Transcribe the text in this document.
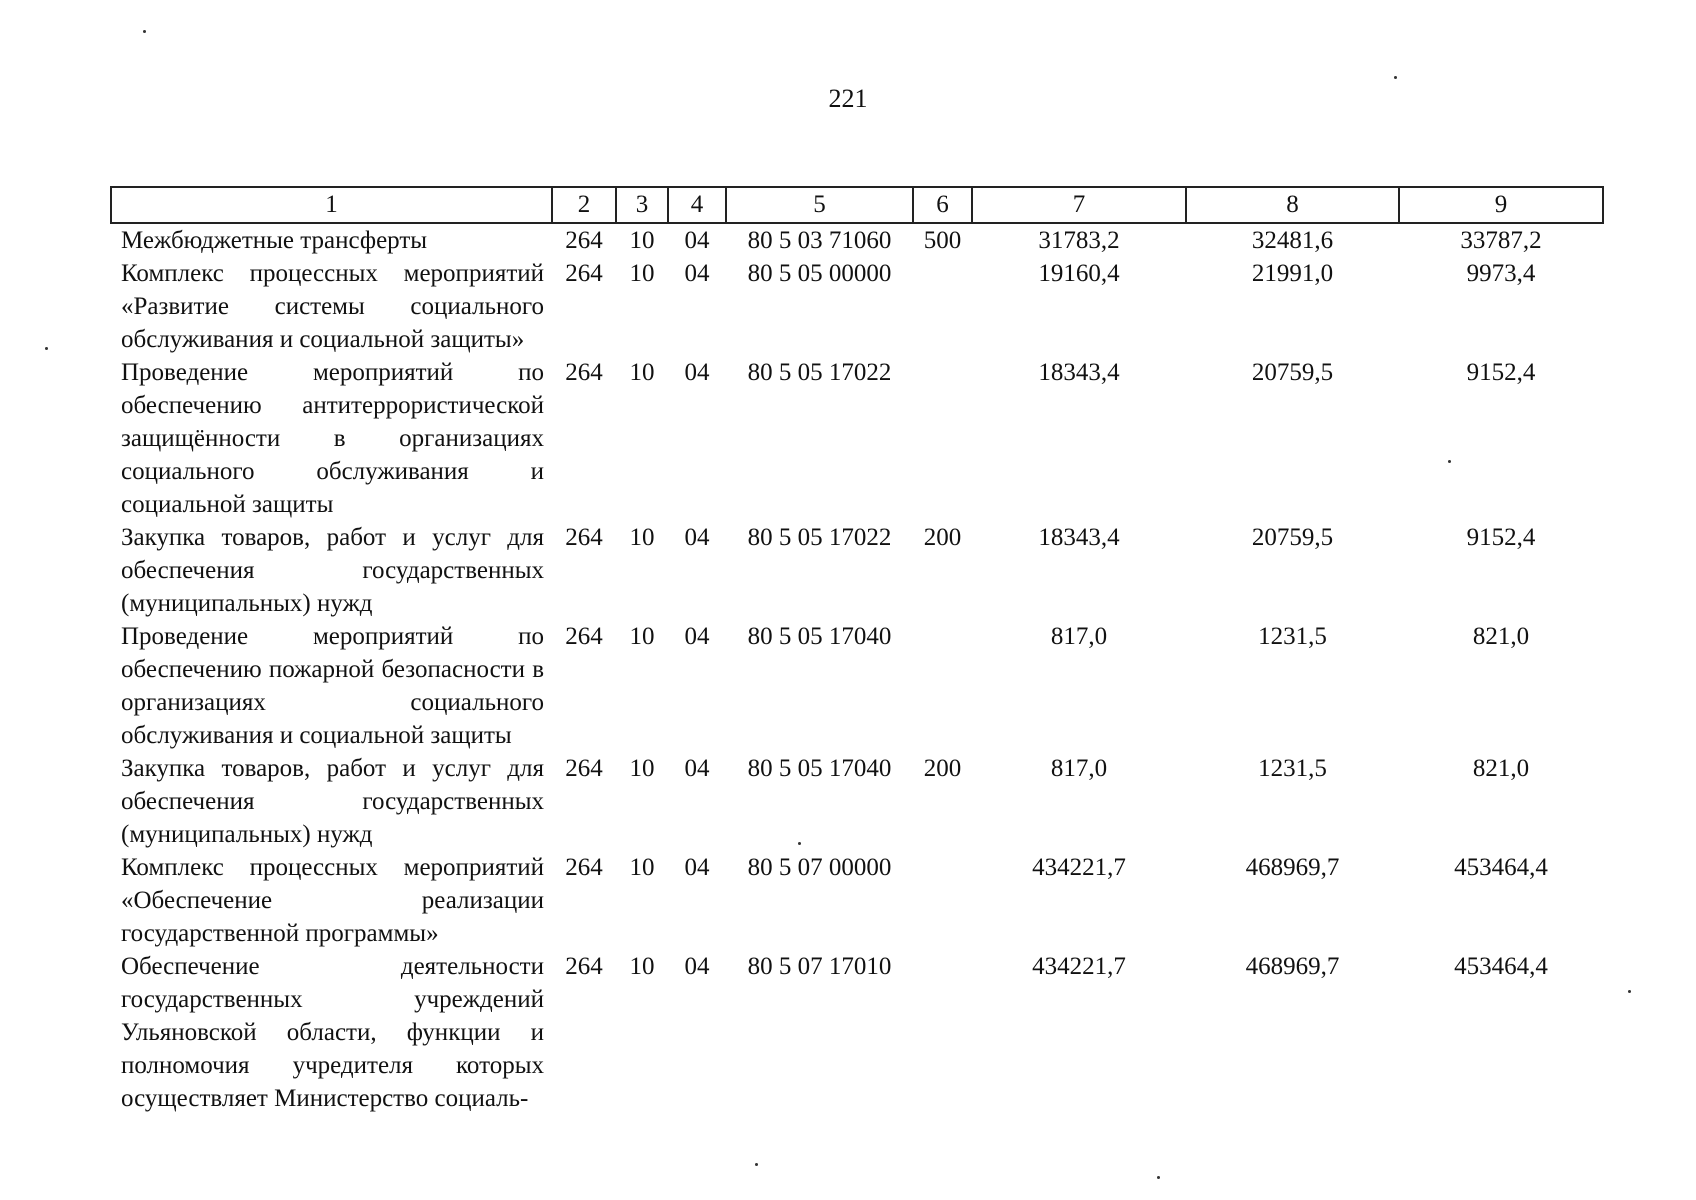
221
1	2	3	4	5	6	7	8	9
Межбюджетные трансферты	264	10	04	80 5 03 71060	500	31783,2	32481,6	33787,2
Комплекс процессных мероприятий «Развитие системы социального обслуживания и социальной защиты»	264	10	04	80 5 05 00000		19160,4	21991,0	9973,4
Проведение мероприятий по обеспечению антитеррористической защищённости в организациях социального обслуживания и социальной защиты	264	10	04	80 5 05 17022		18343,4	20759,5	9152,4
Закупка товаров, работ и услуг для обеспечения государственных (муниципальных) нужд	264	10	04	80 5 05 17022	200	18343,4	20759,5	9152,4
Проведение мероприятий по обеспечению пожарной безопасности в организациях социального обслуживания и социальной защиты	264	10	04	80 5 05 17040		817,0	1231,5	821,0
Закупка товаров, работ и услуг для обеспечения государственных (муниципальных) нужд	264	10	04	80 5 05 17040	200	817,0	1231,5	821,0
Комплекс процессных мероприятий «Обеспечение реализации государственной программы»	264	10	04	80 5 07 00000		434221,7	468969,7	453464,4
Обеспечение деятельности государственных учреждений Ульяновской области, функции и полномочия учредителя которых осуществляет Министерство социаль-	264	10	04	80 5 07 17010		434221,7	468969,7	453464,4
